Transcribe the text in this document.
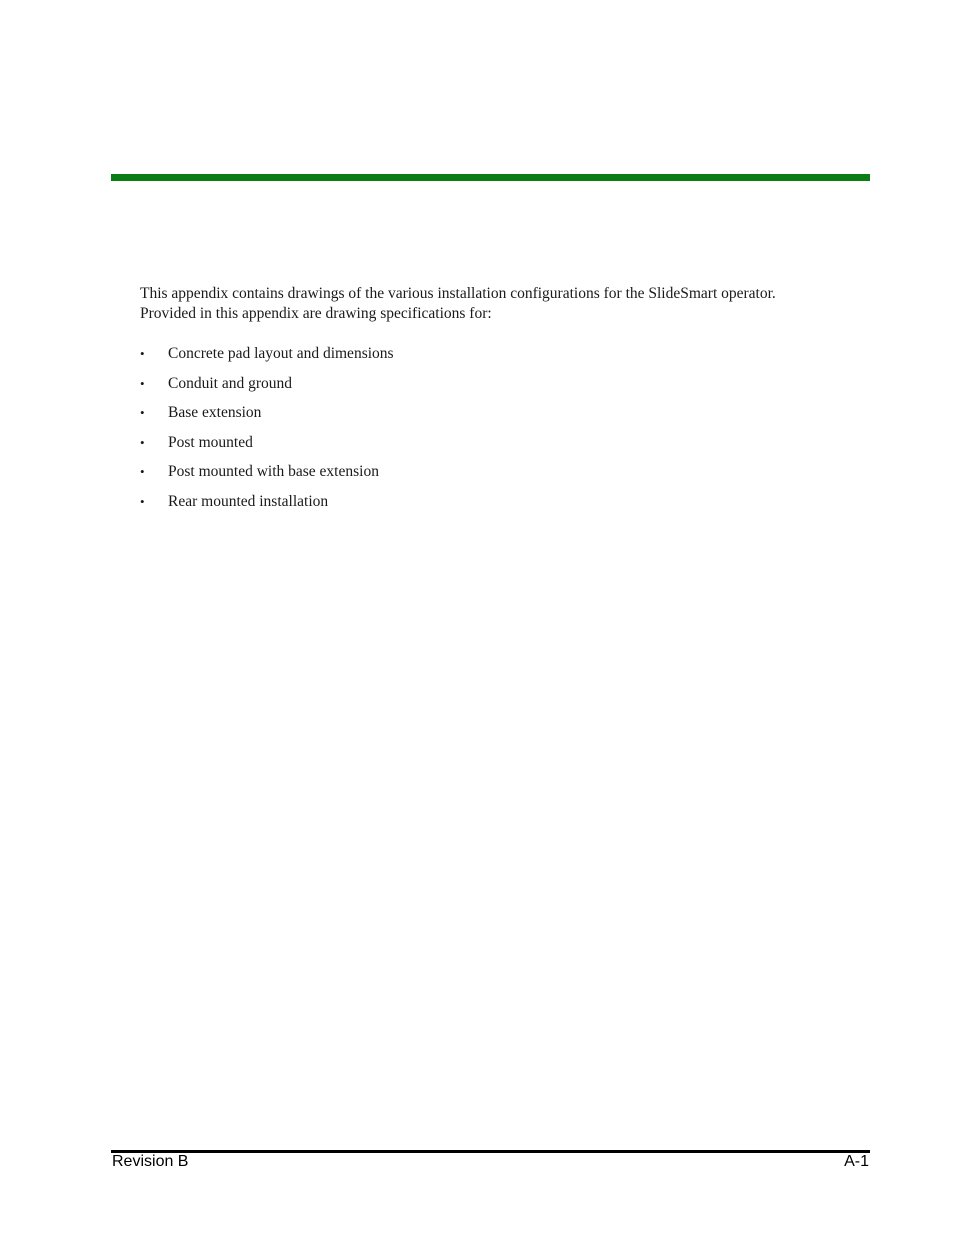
This appendix contains drawings of the various installation configurations for the SlideSmart operator.
Provided in this appendix are drawing specifications for:

• Concrete pad layout and dimensions
• Conduit and ground
• Base extension
• Post mounted
• Post mounted with base extension
• Rear mounted installation
Revision B	A-1
